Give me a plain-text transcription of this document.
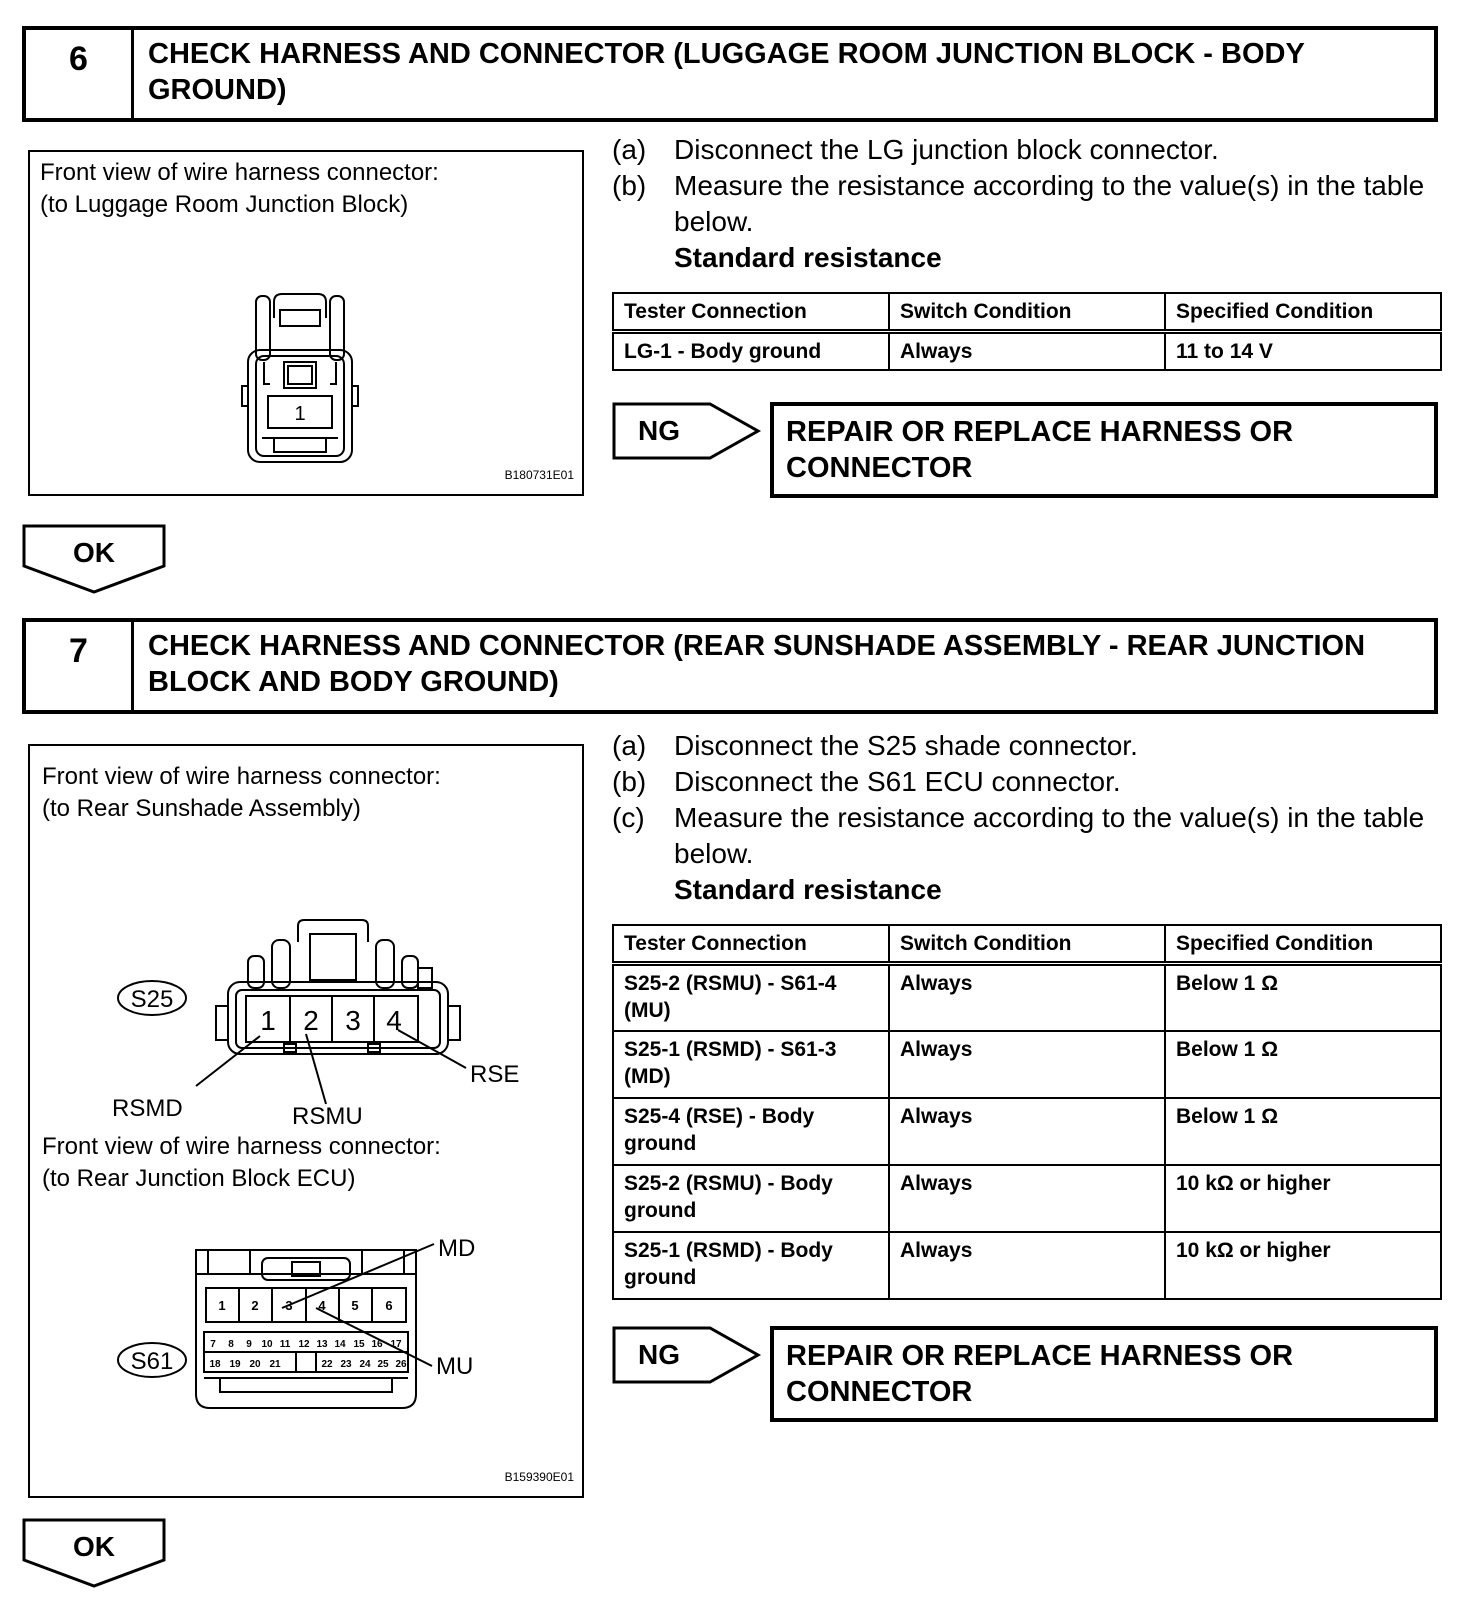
6	CHECK HARNESS AND CONNECTOR (LUGGAGE ROOM JUNCTION BLOCK - BODY GROUND)
Front view of wire harness connector:
(to Luggage Room Junction Block)
1
B180731E01
(a) Disconnect the LG junction block connector.
(b) Measure the resistance according to the value(s) in the table below.
Standard resistance
Tester Connection	Switch Condition	Specified Condition
LG-1 - Body ground	Always	11 to 14 V
NG	REPAIR OR REPLACE HARNESS OR CONNECTOR
OK
7	CHECK HARNESS AND CONNECTOR (REAR SUNSHADE ASSEMBLY - REAR JUNCTION BLOCK AND BODY GROUND)
Front view of wire harness connector:
(to Rear Sunshade Assembly)
Front view of wire harness connector:
(to Rear Junction Block ECU)
S25
1 2 3 4
RSMD	RSMU
RSE
1 2 3 4 5 6
7 8 9 10 11 12 13 14 15 16 17
18 19 20 21	22 23 24 25 26
S61
MD
MU
B159390E01
(a) Disconnect the S25 shade connector.
(b) Disconnect the S61 ECU connector.
(c)	Measure the resistance according to the value(s) in the table below.
Standard resistance
Tester Connection	Switch Condition	Specified Condition
S25-2 (RSMU) - S61-4 (MU)	Always	Below 1 Ω
S25-1 (RSMD) - S61-3 (MD)	Always	Below 1 Ω
S25-4 (RSE) - Body ground	Always	Below 1 Ω
S25-2 (RSMU) - Body ground	Always	10 kΩ or higher
S25-1 (RSMD) - Body ground	Always	10 kΩ or higher
NG	REPAIR OR REPLACE HARNESS OR CONNECTOR
OK
